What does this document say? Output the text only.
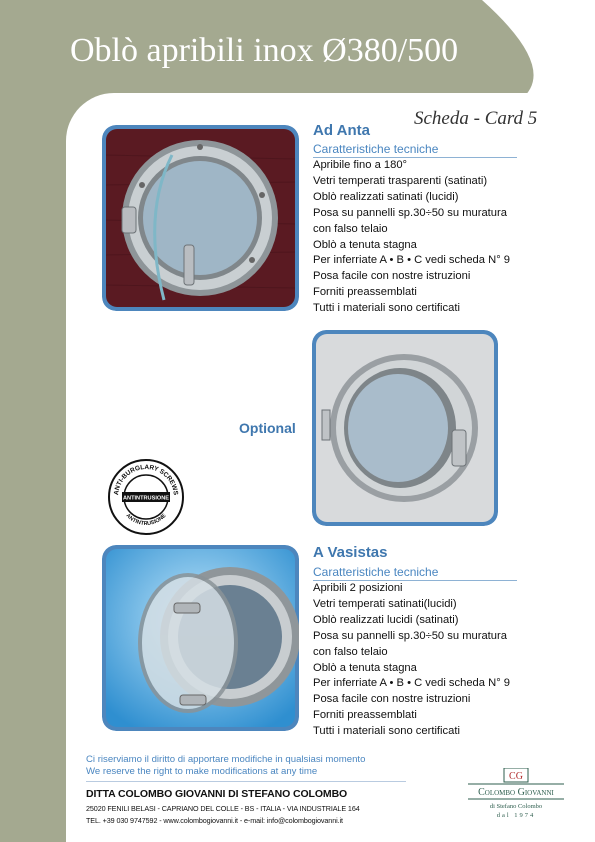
Oblò apribili inox Ø380/500
Scheda - Card 5
Ad Anta
Caratteristiche tecniche
Apribile fino a 180°
Vetri temperati trasparenti (satinati)
Oblò realizzati satinati (lucidi)
Posa su pannelli sp.30÷50 su muratura
con falso telaio
Oblò a tenuta stagna
Per inferriate A • B • C vedi scheda N° 9
Posa facile con nostre istruzioni
Forniti preassemblati
Tutti i materiali sono certificati
Optional
ANTI-BURGLARY SCREWS
ANTINTRUSIONE
ANTINTRUSIONE
A Vasistas
Caratteristiche tecniche
Apribili 2 posizioni
Vetri temperati satinati(lucidi)
Oblò realizzati lucidi (satinati)
Posa su pannelli sp.30÷50 su muratura
con falso telaio
Oblò a tenuta stagna
Per inferriate A • B • C vedi scheda N° 9
Posa facile con nostre istruzioni
Forniti preassemblati
Tutti i materiali sono certificati
Ci riserviamo il diritto di apportare modifiche in qualsiasi momento
We reserve the right to make modifications at any time
DITTA COLOMBO GIOVANNI DI STEFANO COLOMBO
25020 FENILI BELASI - CAPRIANO DEL COLLE - BS - ITALIA - VIA INDUSTRIALE 164
TEL. +39 030 9747592 - www.colombogiovanni.it - e-mail: info@colombogiovanni.it
CG
Colombo Giovanni
di Stefano Colombo
dal 1974
